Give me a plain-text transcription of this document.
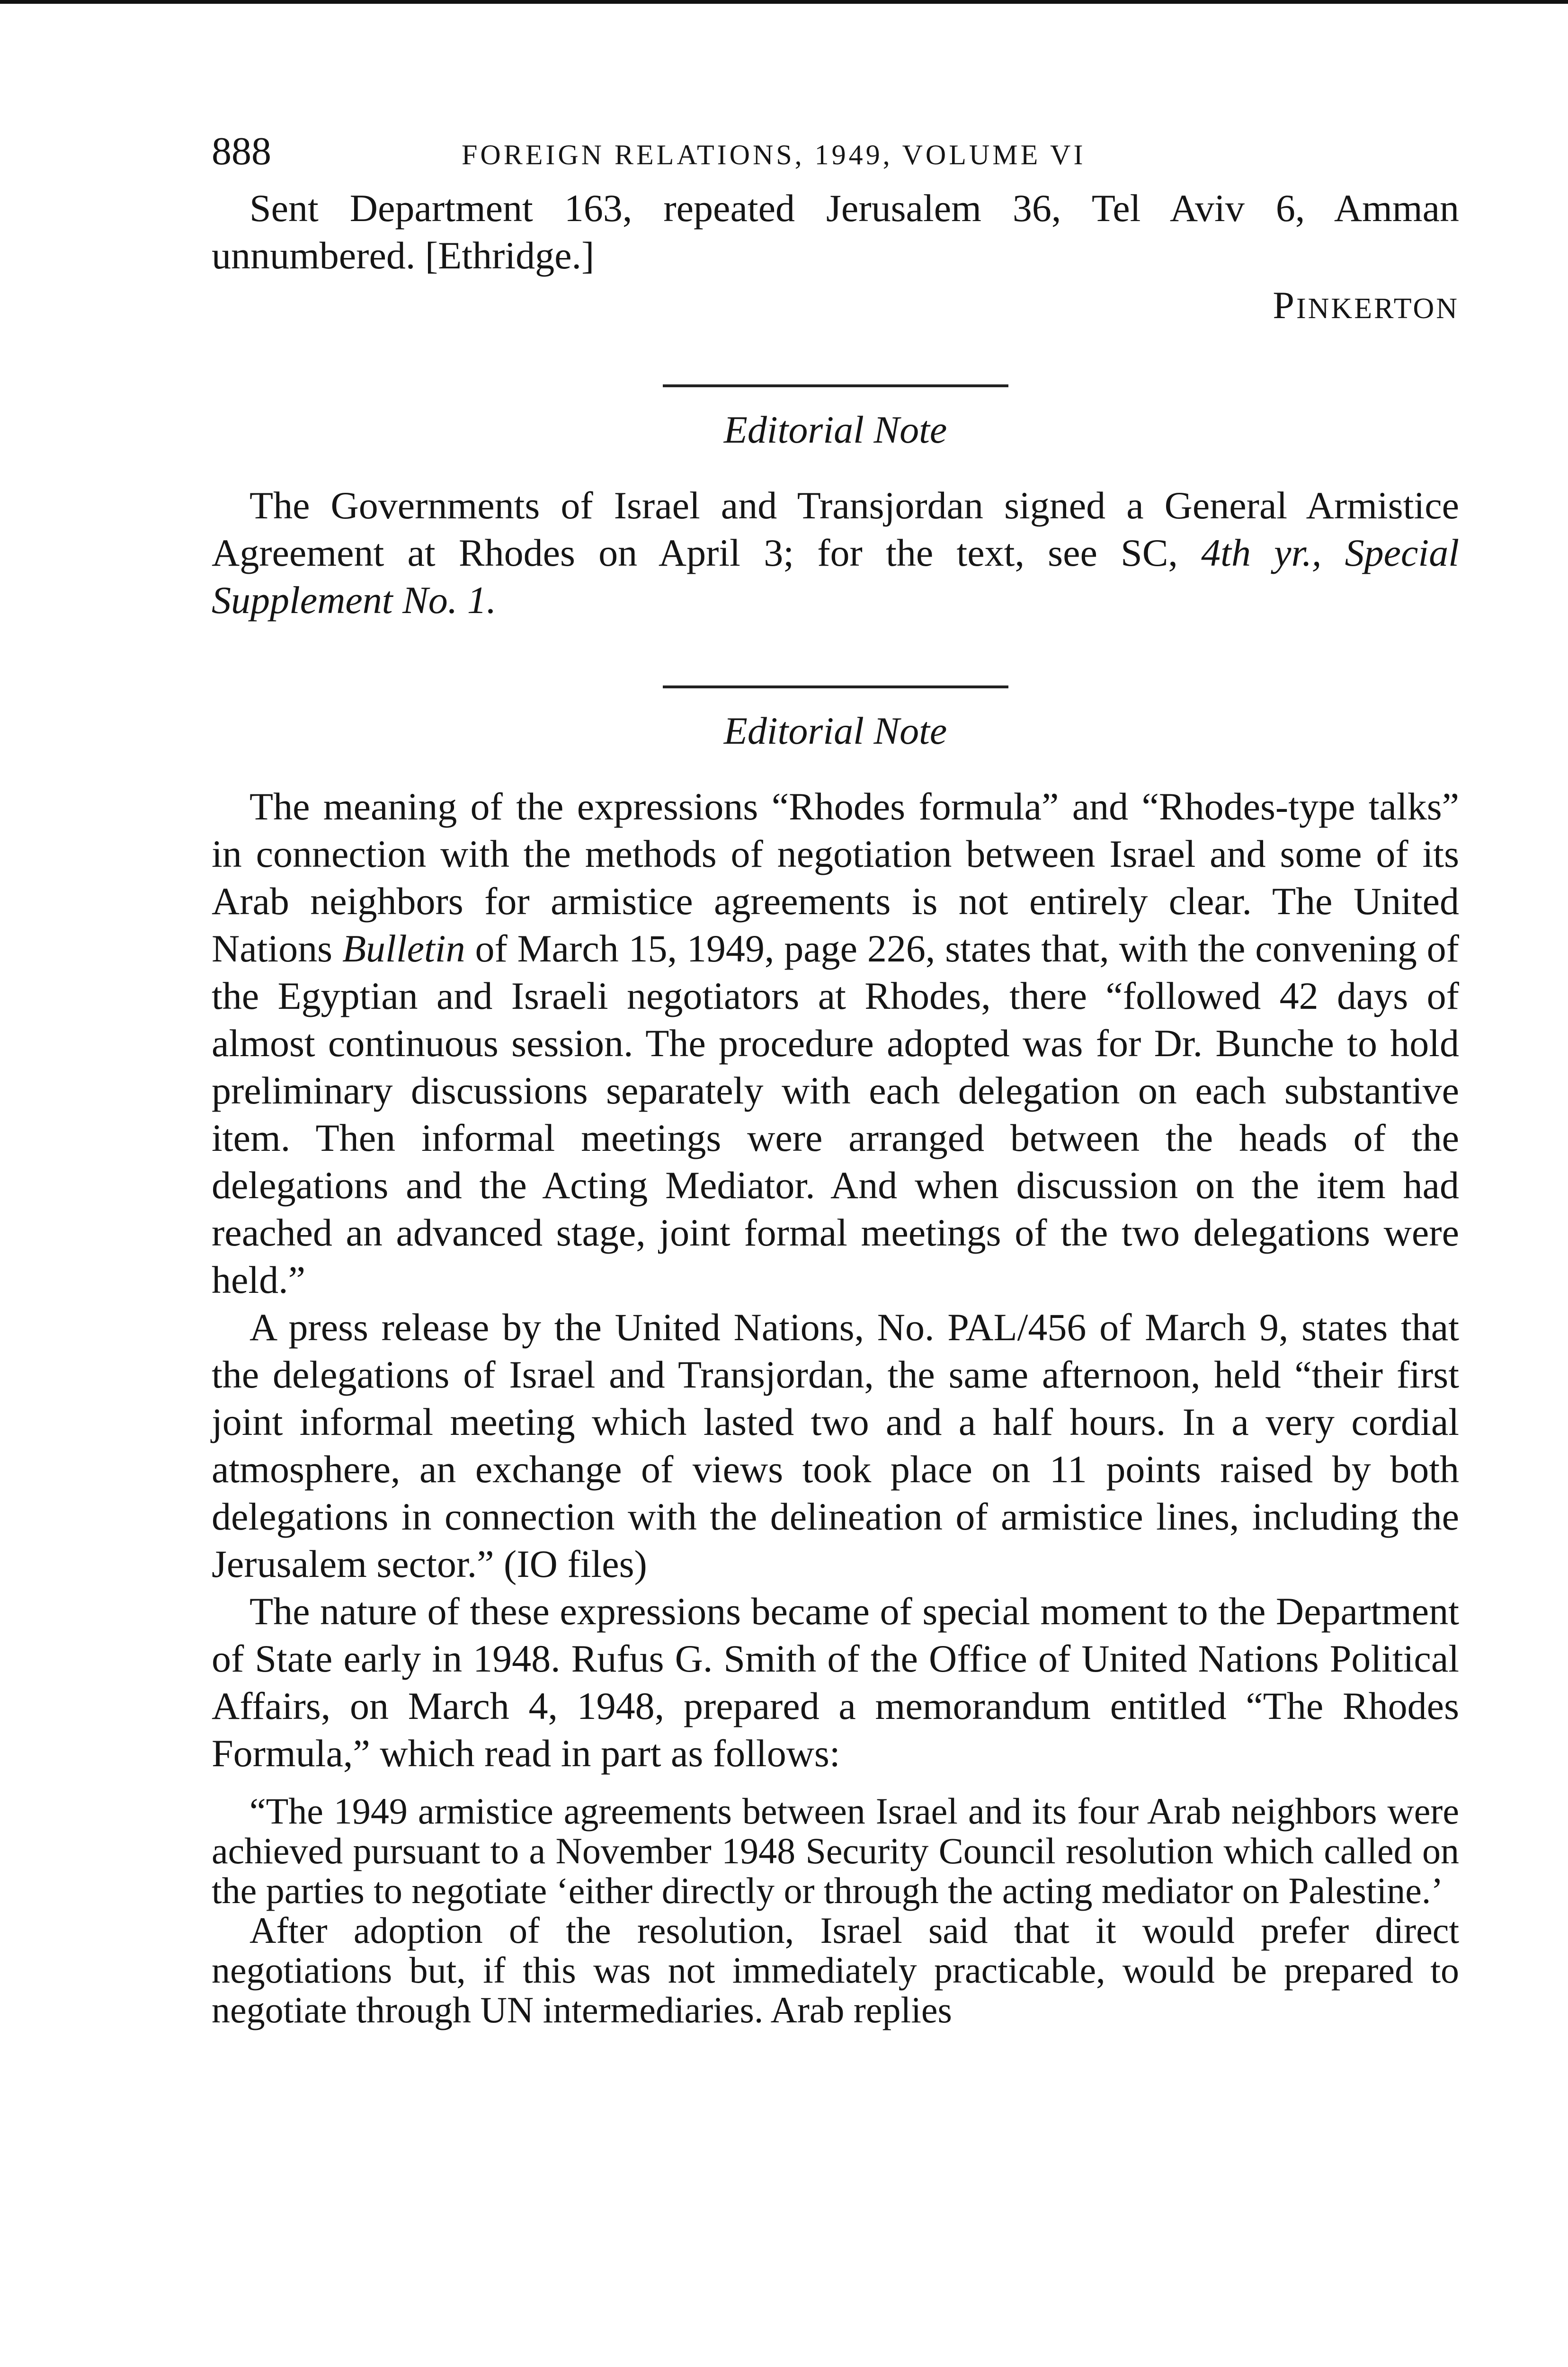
888	FOREIGN RELATIONS, 1949, VOLUME VI

Sent Department 163, repeated Jerusalem 36, Tel Aviv 6, Amman unnumbered. [Ethridge.]

PINKERTON

Editorial Note

The Governments of Israel and Transjordan signed a General Armistice Agreement at Rhodes on April 3; for the text, see SC, 4th yr., Special Supplement No. 1.

Editorial Note

The meaning of the expressions “Rhodes formula” and “Rhodes-type talks” in connection with the methods of negotiation between Israel and some of its Arab neighbors for armistice agreements is not entirely clear. The United Nations Bulletin of March 15, 1949, page 226, states that, with the convening of the Egyptian and Israeli negotiators at Rhodes, there “followed 42 days of almost continuous session. The procedure adopted was for Dr. Bunche to hold preliminary discussions separately with each delegation on each substantive item. Then informal meetings were arranged between the heads of the delegations and the Acting Mediator. And when discussion on the item had reached an advanced stage, joint formal meetings of the two delegations were held.”

A press release by the United Nations, No. PAL/456 of March 9, states that the delegations of Israel and Transjordan, the same afternoon, held “their first joint informal meeting which lasted two and a half hours. In a very cordial atmosphere, an exchange of views took place on 11 points raised by both delegations in connection with the delineation of armistice lines, including the Jerusalem sector.” (IO files)

The nature of these expressions became of special moment to the Department of State early in 1948. Rufus G. Smith of the Office of United Nations Political Affairs, on March 4, 1948, prepared a memorandum entitled “The Rhodes Formula,” which read in part as follows:

“The 1949 armistice agreements between Israel and its four Arab neighbors were achieved pursuant to a November 1948 Security Council resolution which called on the parties to negotiate ‘either directly or through the acting mediator on Palestine.’

After adoption of the resolution, Israel said that it would prefer direct negotiations but, if this was not immediately practicable, would be prepared to negotiate through UN intermediaries. Arab replies
